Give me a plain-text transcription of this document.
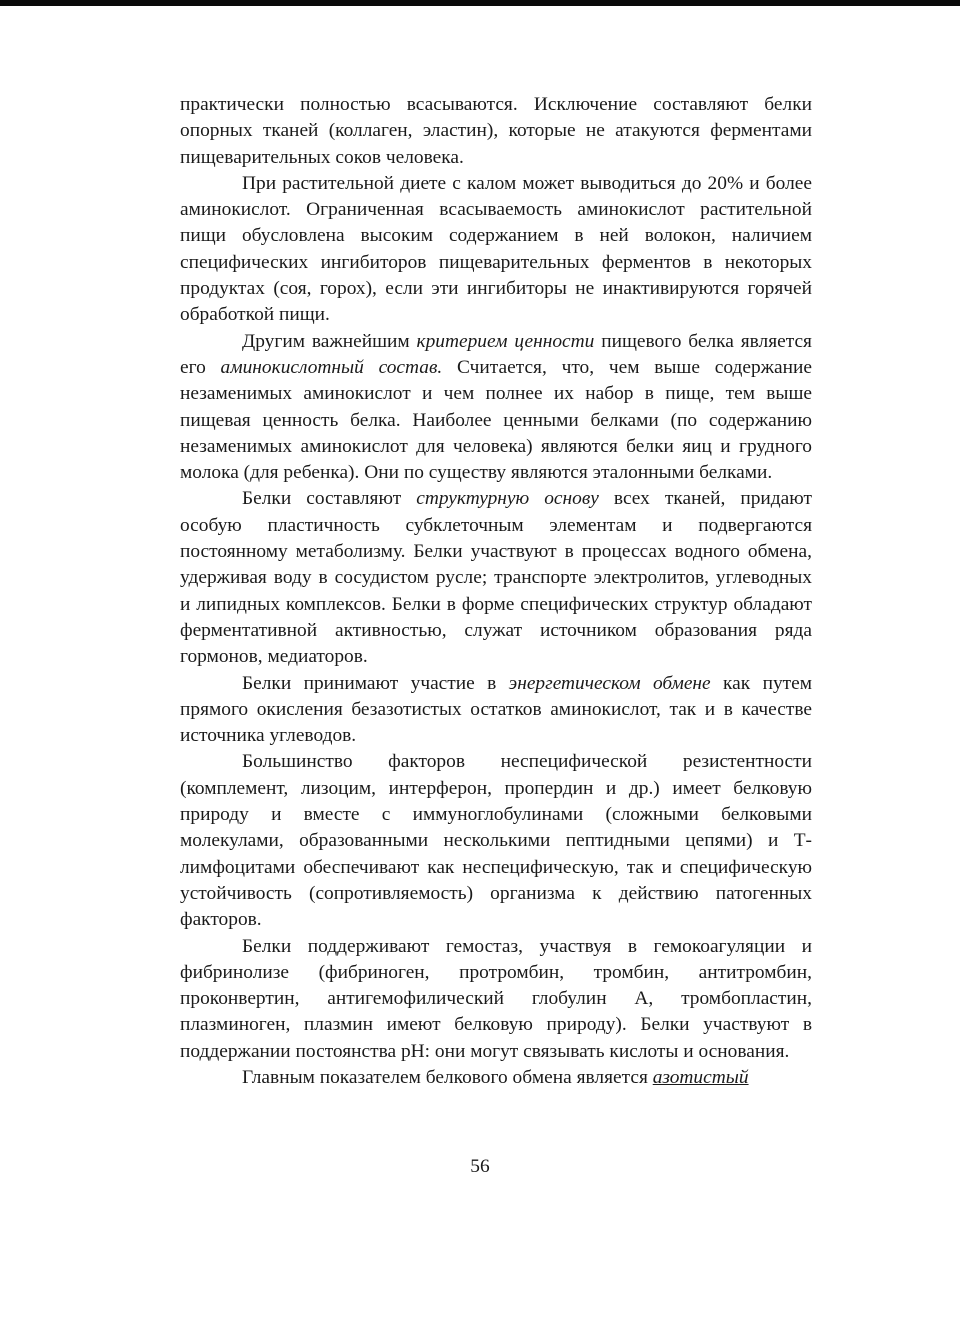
практически полностью всасываются. Исключение составляют белки опорных тканей (коллаген, эластин), которые не атакуются ферментами пищеварительных соков человека.

При растительной диете с калом может выводиться до 20% и более аминокислот. Ограниченная всасываемость аминокислот растительной пищи обусловлена высоким содержанием в ней волокон, наличием специфических ингибиторов пищеварительных ферментов в некоторых продуктах (соя, горох), если эти ингибиторы не инактивируются горячей обработкой пищи.

Другим важнейшим критерием ценности пищевого белка является его аминокислотный состав. Считается, что, чем выше содержание незаменимых аминокислот и чем полнее их набор в пище, тем выше пищевая ценность белка. Наиболее ценными белками (по содержанию незаменимых аминокислот для человека) являются белки яиц и грудного молока (для ребенка). Они по существу являются эталонными белками.

Белки составляют структурную основу всех тканей, придают особую пластичность субклеточным элементам и подвергаются постоянному метаболизму. Белки участвуют в процессах водного обмена, удерживая воду в сосудистом русле; транспорте электролитов, углеводных и липидных комплексов. Белки в форме специфических структур обладают ферментативной активностью, служат источником образования ряда гормонов, медиаторов.

Белки принимают участие в энергетическом обмене как путем прямого окисления безазотистых остатков аминокислот, так и в качестве источника углеводов.

Большинство факторов неспецифической резистентности (комплемент, лизоцим, интерферон, пропердин и др.) имеет белковую природу и вместе с иммуноглобулинами (сложными белковыми молекулами, образованными несколькими пептидными цепями) и Т-лимфоцитами обеспечивают как неспецифическую, так и специфическую устойчивость (сопротивляемость) организма к действию патогенных факторов.

Белки поддерживают гемостаз, участвуя в гемокоагуляции и фибринолизе (фибриноген, протромбин, тромбин, антитромбин, проконвертин, антигемофилический глобулин А, тромбопластин, плазминоген, плазмин имеют белковую природу). Белки участвуют в поддержании постоянства pH: они могут связывать кислоты и основания.

Главным показателем белкового обмена является азотистый

56
